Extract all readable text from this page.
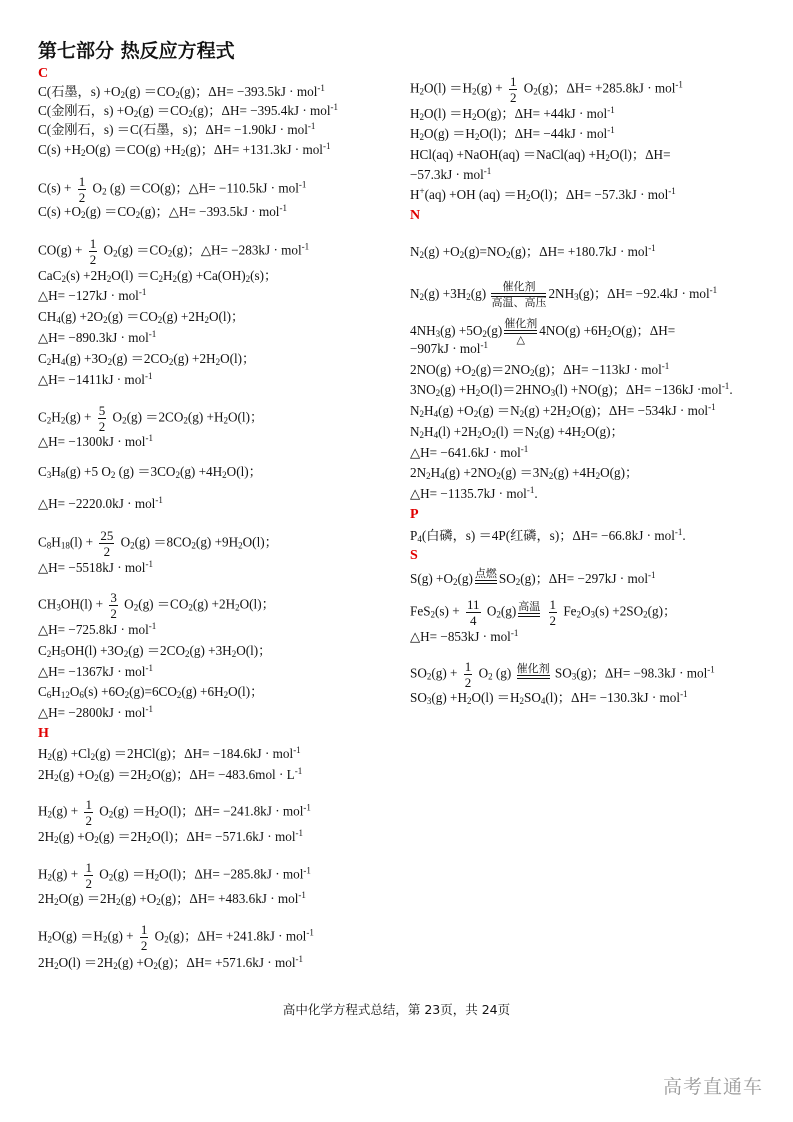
第七部分 热反应方程式
C
C(石墨，$s) +O_2(g) =CO_2(g)$；ΔH= −393.5kJ · mol$^{-1}$
C(金刚石，$s) +O_2(g) =CO_2(g)$；ΔH= −395.4kJ · mol$^{-1}$
C(金刚石，s) ＝C(石墨，s)；ΔH= −1.90kJ · mol$^{-1}$
$C(s) +H_2O(g) =CO(g) +H_2(g)$；ΔH= +131.3kJ · mol$^{-1}$
$C(s) + \frac{1}{2} O_2$ (g) ＝CO(g)；△H= −110.5kJ · mol$^{-1}$
$C(s) +O_2(g) =CO_2(g)$；△H= −393.5kJ · mol$^{-1}$
$CO(g) + \frac{1}{2} O_2(g) =CO_2(g)$；△H= −283kJ · mol$^{-1}$
$CaC_2(s) +2H_2O(l) =C_2H_2(g) +Ca(OH)_2(s)$；
△H= −127kJ · mol$^{-1}$
$CH_4(g) +2O_2(g) =CO_2(g) +2H_2O(l)$；
△H= −890.3kJ · mol$^{-1}$
$C_2H_4(g) +3O_2(g) =2CO_2(g) +2H_2O(l)$；
△H= −1411kJ · mol$^{-1}$
$C_2H_2(g) + \frac{5}{2} O_2(g) =2CO_2(g) +H_2O(l)$；
△H= −1300kJ · mol$^{-1}$
$C_3H_8(g) +5$ $O_2$ $(g) =3CO_2(g) +4H_2O(l)$；
△H= −2220.0kJ · mol$^{-1}$
$C_8H_{18}(l) + \frac{25}{2} O_2(g) =8CO_2(g) +9H_2O(l)$；
△H= −5518kJ · mol$^{-1}$
$CH_3OH(l) + \frac{3}{2} O_2(g) =CO_2(g) +2H_2O(l)$；
△H= −725.8kJ · mol$^{-1}$
$C_2H_5OH(l) +3O_2(g) =2CO_2(g) +3H_2O(l)$；
△H= −1367kJ · mol$^{-1}$
$C_6H_{12}O_6(s) +6O_2(g)=6CO_2(g) +6H_2O(l)$；
△H= −2800kJ · mol$^{-1}$
H
$H_2(g) +Cl_2(g) =2HCl(g)$；ΔH= −184.6kJ · mol$^{-1}$
$2H_2(g) +O_2(g) =2H_2O(g)$；$\Delta H= -483.6mol \cdot L^{-1}$
$H_2(g) + \frac{1}{2} O_2(g) =H_2O(l)$；ΔH= −241.8kJ · mol$^{-1}$
$2H_2(g) +O_2(g) =2H_2O(l)$；ΔH= −571.6kJ · mol$^{-1}$
$H_2(g) + \frac{1}{2} O_2(g) =H_2O(l)$；ΔH= −285.8kJ · mol$^{-1}$
$2H_2O(g) =2H_2(g) +O_2(g)$；ΔH= +483.6kJ · mol$^{-1}$
$H_2O(g) =H_2(g) + \frac{1}{2} O_2(g)$；ΔH= +241.8kJ · mol$^{-1}$
$2H_2O(l) =2H_2(g) +O_2(g)$；ΔH= +571.6kJ · mol$^{-1}$
$H_2O(l) =H_2(g) + \frac{1}{2} O_2(g)$；ΔH= +285.8kJ · mol$^{-1}$
$H_2O(l) =H_2O(g)$；ΔH= +44kJ · mol$^{-1}$
$H_2O(g) =H_2O(l)$；ΔH= −44kJ · mol$^{-1}$
HCl(aq) +NaOH(aq) ＝NaCl(aq) $+H_2O(l)$；ΔH=
−57.3kJ · mol$^{-1}$
H+(aq) +OH $(aq) =H_2O(l)$；ΔH= −57.3kJ · mol$^{-1}$
N
$N_2(g) +O_2(g)=NO_2(g)$；ΔH= +180.7kJ · mol$^{-1}$
$N_2(g) +3H_2(g)$	催化剂
高温、高压
$2NH_3(g)$；ΔH= −92.4kJ · mol$^{-1}$
$4NH_3(g) +5O_2(g)$ 催化剂
△
$4NO(g) +6H_2O(g)$；ΔH=
−907kJ · mol$^{-1}$
$2NO(g) +O_2(g)=2NO_2(g)$；ΔH= −113kJ · mol$^{-1}$
$3NO_2(g) +H_2O(l)=2HNO_3(l) +NO(g)$；ΔH= −136kJ ·mol$^{-1}$.
$N_2H_4(g) +O_2(g) =N_2(g) +2H_2O(g)$；ΔH= −534kJ · mol$^{-1}$
$N_2H_4(l) +2H_2O_2(l) =N_2(g) +4H_2O(g)$；
△H= −641.6kJ · mol$^{-1}$
$2N_2H_4(g) +2NO_2(g) =3N_2(g) +4H_2O(g)$；
△H= −1135.7kJ · mol$^{-1}$.
P
$P_4$(白磷，s) ＝4P(红磷，s)；ΔH= −66.8kJ · mol$^{-1}$.
S
$S(g) +O_2(g)$ 点燃 $SO_2(g)$；ΔH= −297kJ · mol$^{-1}$
$FeS_2(s) + \frac{11}{4} O_2(g)$ 高温
$\frac{1}{2} Fe_2O_3(s) +2SO_2(g)$；
△H= −853kJ · mol$^{-1}$
$SO_2(g) + \frac{1}{2} O_2$ (g) 催化剂 $SO_3(g)$；ΔH= −98.3kJ · mol$^{-1}$
$SO_3(g) +H_2O(l) =H_2SO_4(l)$；ΔH= −130.3kJ · mol$^{-1}$
高中化学方程式总结，第 23页，共 24页
高考直通车
